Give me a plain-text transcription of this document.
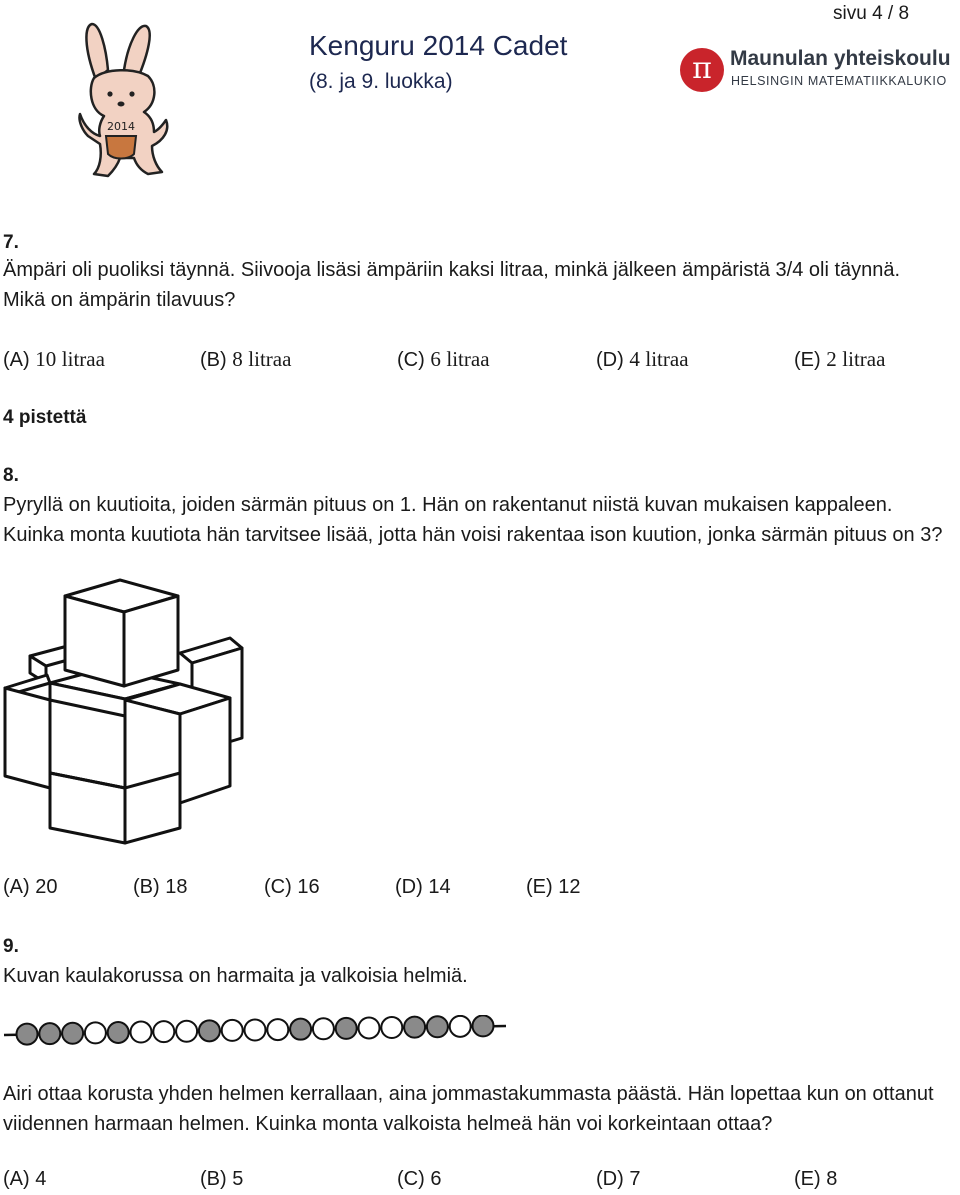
sivu 4 / 8
2014
Kenguru 2014 Cadet
(8. ja 9. luokka)	π Maunulan yhteiskoulu
HELSINGIN MATEMATIIKKALUKIO
7.
Ämpäri oli puoliksi täynnä. Siivooja lisäsi ämpäriin kaksi litraa, minkä jälkeen ämpäristä 3/4 oli täynnä. Mikä on ämpärin tilavuus?
(A) 10 litraa	(B) 8 litraa	(C) 6 litraa	(D) 4 litraa	(E) 2 litraa
4 pistettä
8.
Pyryllä on kuutioita, joiden särmän pituus on 1. Hän on rakentanut niistä kuvan mukaisen kappaleen. Kuinka monta kuutiota hän tarvitsee lisää, jotta hän voisi rakentaa ison kuution, jonka särmän pituus on 3?
(A) 20	(B) 18	(C) 16	(D) 14	(E) 12
9.
Kuvan kaulakorussa on harmaita ja valkoisia helmiä.
Airi ottaa korusta yhden helmen kerrallaan, aina jommastakummasta päästä. Hän lopettaa kun on ottanut viidennen harmaan helmen. Kuinka monta valkoista helmeä hän voi korkeintaan ottaa?
(A) 4	(B) 5	(C) 6	(D) 7	(E) 8
